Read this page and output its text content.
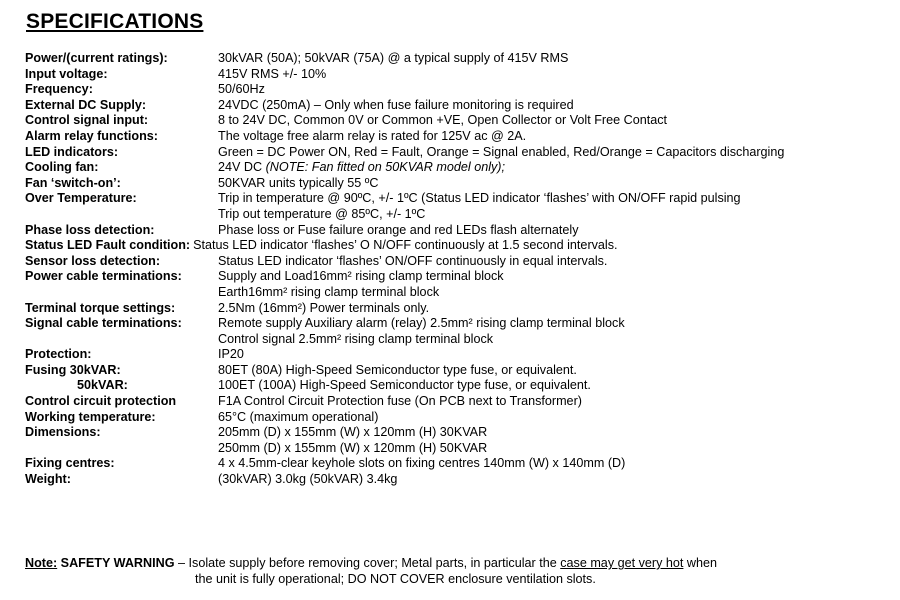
SPECIFICATIONS
Power/(current ratings):	30kVAR (50A); 50kVAR (75A) @ a typical supply of 415V RMS
Input voltage:	415V RMS +/- 10%
Frequency:	50/60Hz
External DC Supply:	24VDC (250mA) – Only when fuse failure monitoring is required
Control signal input:	8 to 24V DC, Common 0V or Common +VE, Open Collector or Volt Free Contact
Alarm relay functions:	The voltage free alarm relay is rated for 125V ac @ 2A.
LED indicators:	Green = DC Power ON, Red = Fault, Orange = Signal enabled, Red/Orange = Capacitors discharging
Cooling fan:	24V DC (NOTE: Fan fitted on 50KVAR model only);
Fan ‘switch-on’:	50KVAR units typically 55 ºC
Over Temperature:	Trip in temperature @ 90ºC, +/- 1ºC (Status LED indicator ‘flashes’ with ON/OFF rapid pulsing
Trip out temperature @ 85ºC, +/- 1ºC
Phase loss detection:	Phase loss or Fuse failure orange and red LEDs flash alternately
Status LED Fault condition: Status LED indicator ‘flashes’ O N/OFF continuously at 1.5 second intervals.
Sensor loss detection:	Status LED indicator ‘flashes’ ON/OFF continuously in equal intervals.
Power cable terminations:	Supply and Load16mm² rising clamp terminal block
Earth16mm² rising clamp terminal block
Terminal torque settings:	2.5Nm (16mm²) Power terminals only.
Signal cable terminations:	Remote supply Auxiliary alarm (relay) 2.5mm² rising clamp terminal block
Control signal 2.5mm² rising clamp terminal block
Protection:	IP20
Fusing 30kVAR:	80ET (80A) High-Speed Semiconductor type fuse, or equivalent.
50kVAR:	100ET (100A) High-Speed Semiconductor type fuse, or equivalent.
Control circuit protection	F1A Control Circuit Protection fuse (On PCB next to Transformer)
Working temperature:	65°C (maximum operational)
Dimensions:	205mm (D) x 155mm (W) x 120mm (H) 30KVAR
250mm (D) x 155mm (W) x 120mm (H) 50KVAR
Fixing centres:	4 x 4.5mm-clear keyhole slots on fixing centres 140mm (W) x 140mm (D)
Weight:	(30kVAR) 3.0kg (50kVAR) 3.4kg
Note: SAFETY WARNING – Isolate supply before removing cover; Metal parts, in particular the case may get very hot when
the unit is fully operational; DO NOT COVER enclosure ventilation slots.
